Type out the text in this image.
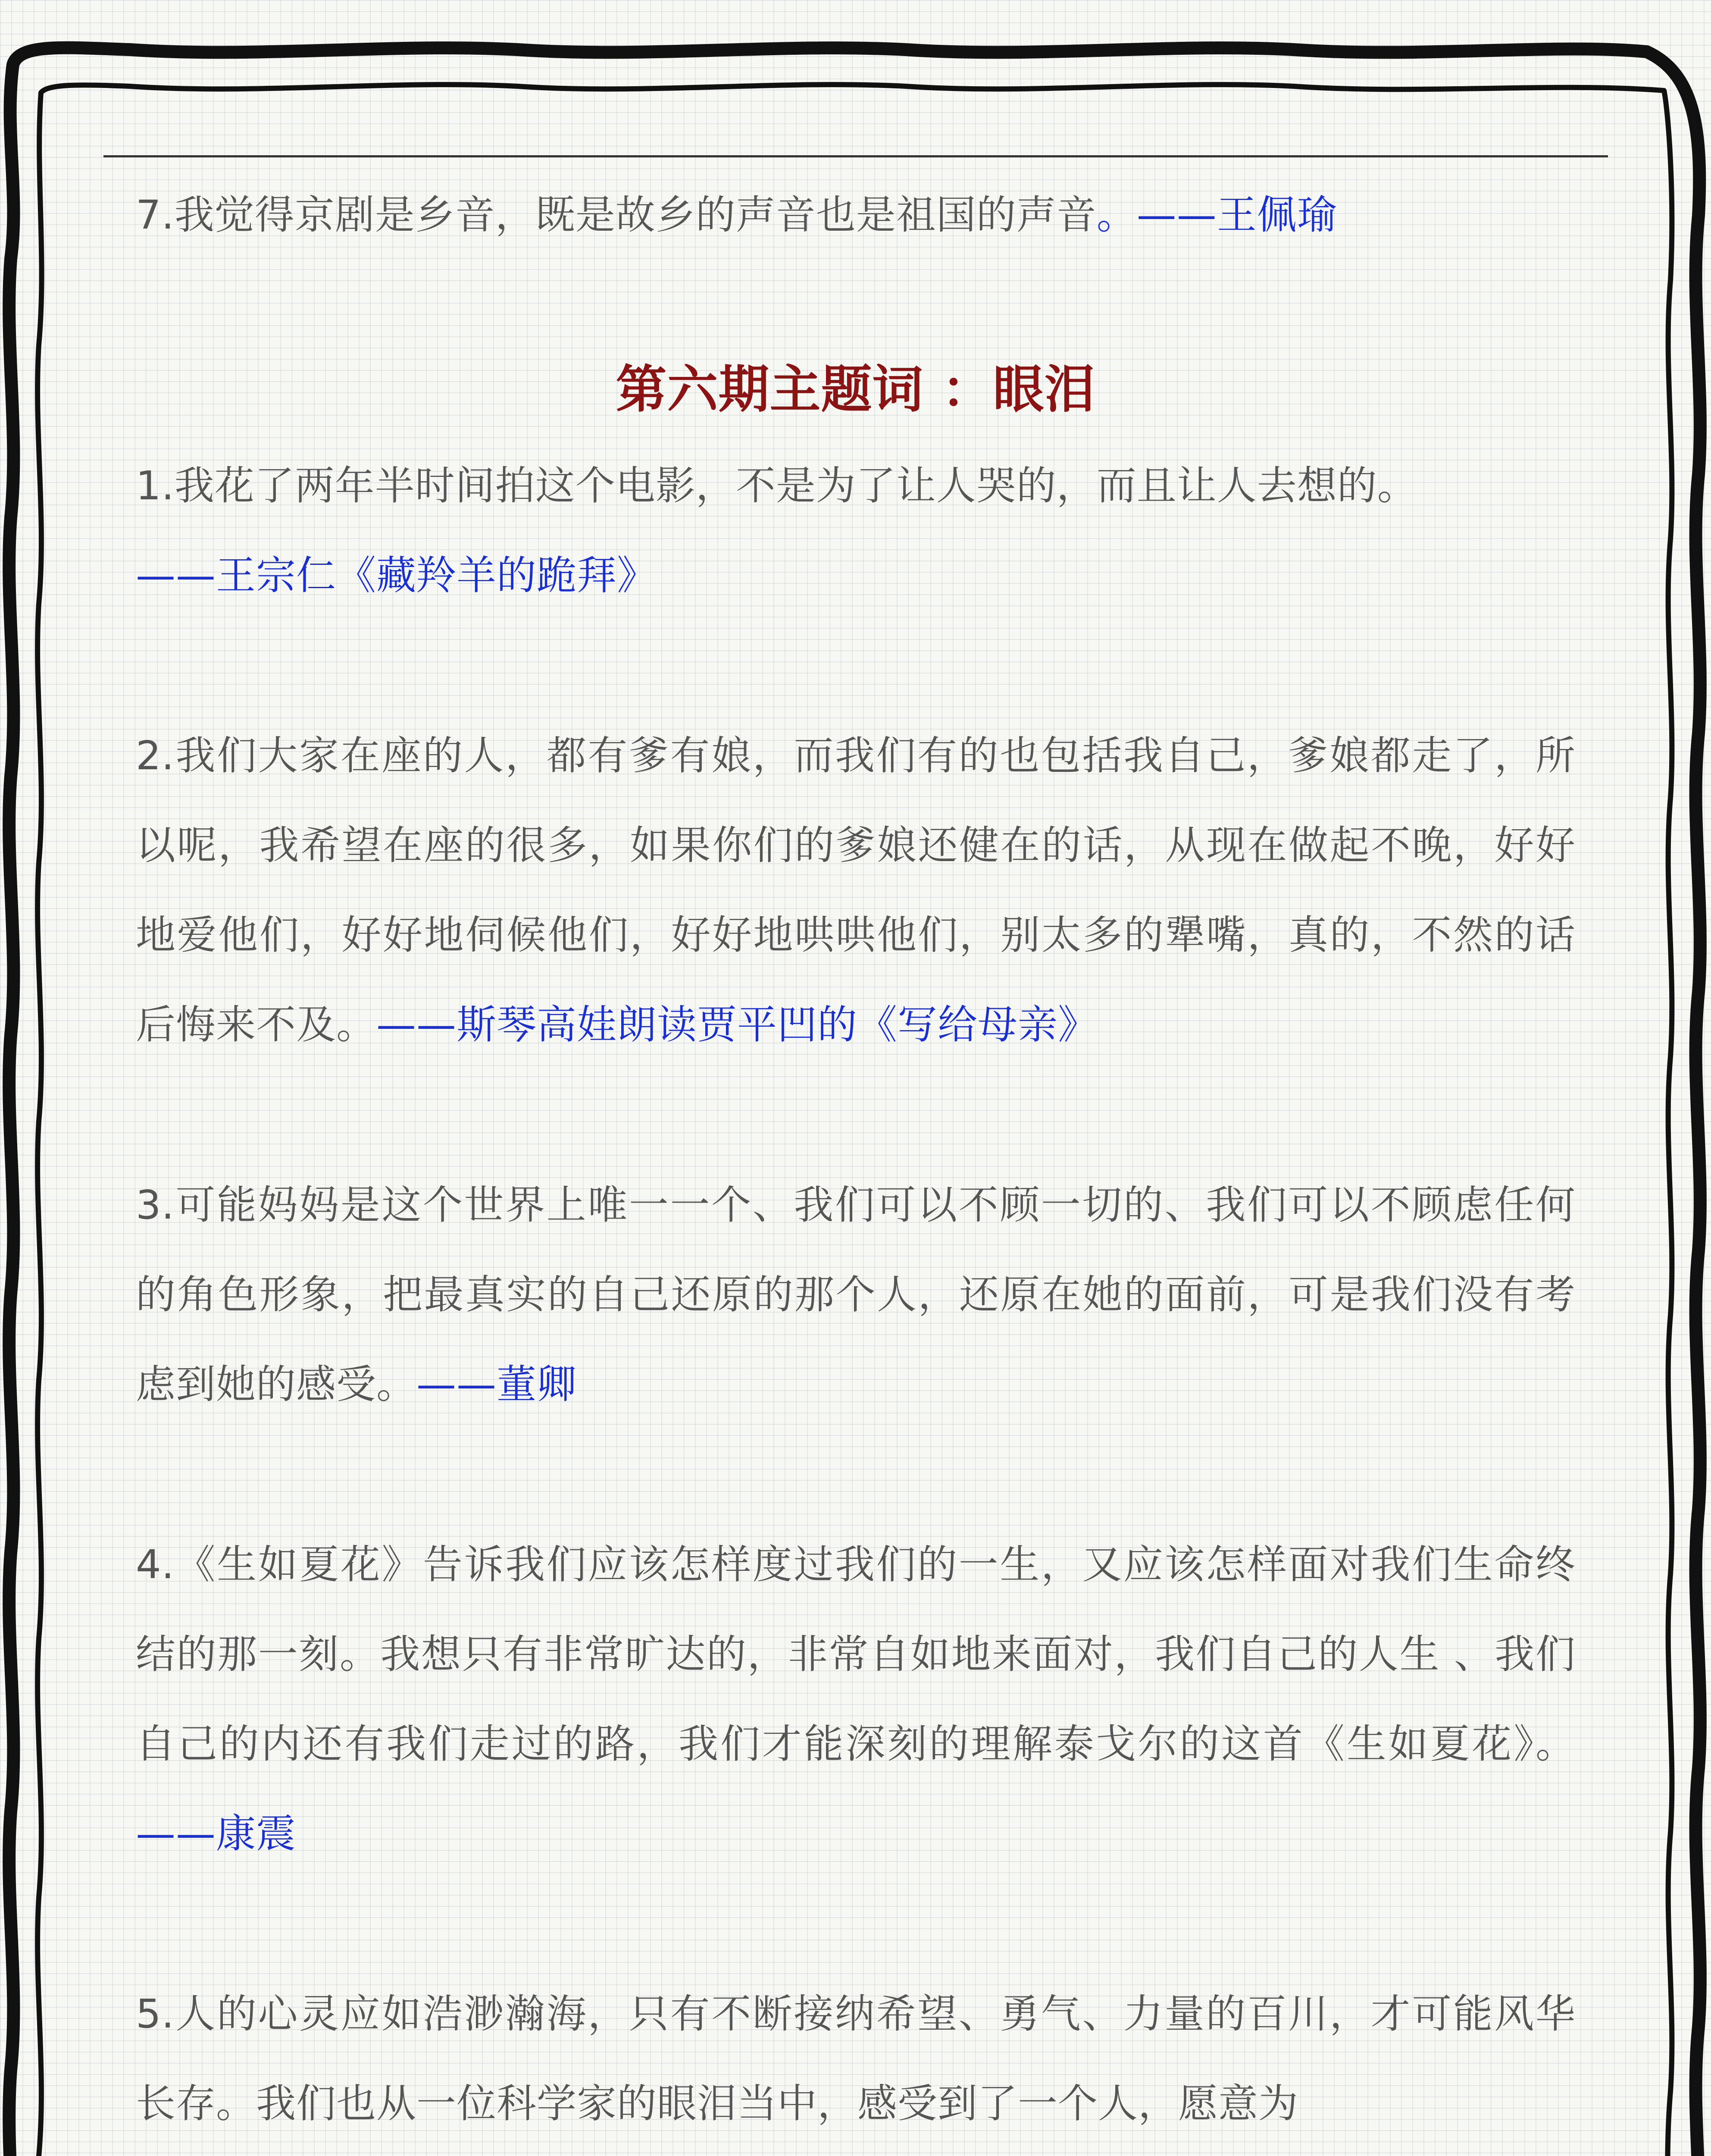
7.我觉得京剧是乡音，既是故乡的声音也是祖国的声音。——王佩瑜

第六期主题词 ：眼泪

1.我花了两年半时间拍这个电影，不是为了让人哭的，而且让人去想的。
——王宗仁《藏羚羊的跪拜》

2.我们大家在座的人，都有爹有娘，而我们有的也包括我自己，爹娘都走了，所以呢，我希望在座的很多，如果你们的爹娘还健在的话，从现在做起不晚，好好地爱他们，好好地伺候他们，好好地哄哄他们，别太多的犟嘴，真的，不然的话后悔来不及。——斯琴高娃朗读贾平凹的《写给母亲》

3.可能妈妈是这个世界上唯一一个、我们可以不顾一切的、我们可以不顾虑任何的角色形象，把最真实的自己还原的那个人，还原在她的面前，可是我们没有考虑到她的感受。——董卿

4.《生如夏花》告诉我们应该怎样度过我们的一生，又应该怎样面对我们生命终结的那一刻。我想只有非常旷达的，非常自如地来面对，我们自己的人生 、我们自己的内还有我们走过的路，我们才能深刻的理解泰戈尔的这首《生如夏花》。——康震

5.人的心灵应如浩渺瀚海，只有不断接纳希望、勇气、力量的百川，才可能风华长存。我们也从一位科学家的眼泪当中，感受到了一个人，愿意为
